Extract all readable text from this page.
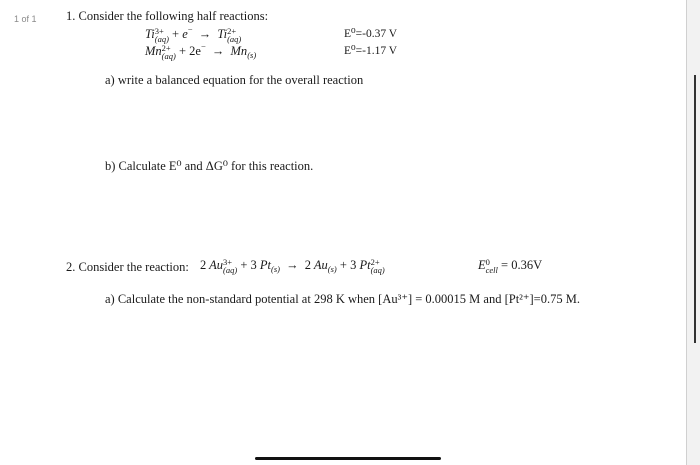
1 of 1 1. Consider the following half reactions:
Ti 3+
(aq) + e− → Ti 2+
(aq)	E⁰=-0.37 V
Mn 2+
$(aq) + 2e^- \to Mn_{(s)}$	E⁰=-1.17 V
a) write a balanced equation for the overall reaction
b) Calculate E⁰ and ΔG⁰ for this reaction.
2. Consider the reaction: 2 Au 3+
(aq) + 3 $Pt_{(s)} \to 2$ $Au_{(s)} + 3$ Pt 2+
(aq)	E 0
cell = 0.36V
a) Calculate the non-standard potential at 298 K when [Au³⁺] = 0.00015 M and [Pt²⁺]=0.75 M.
